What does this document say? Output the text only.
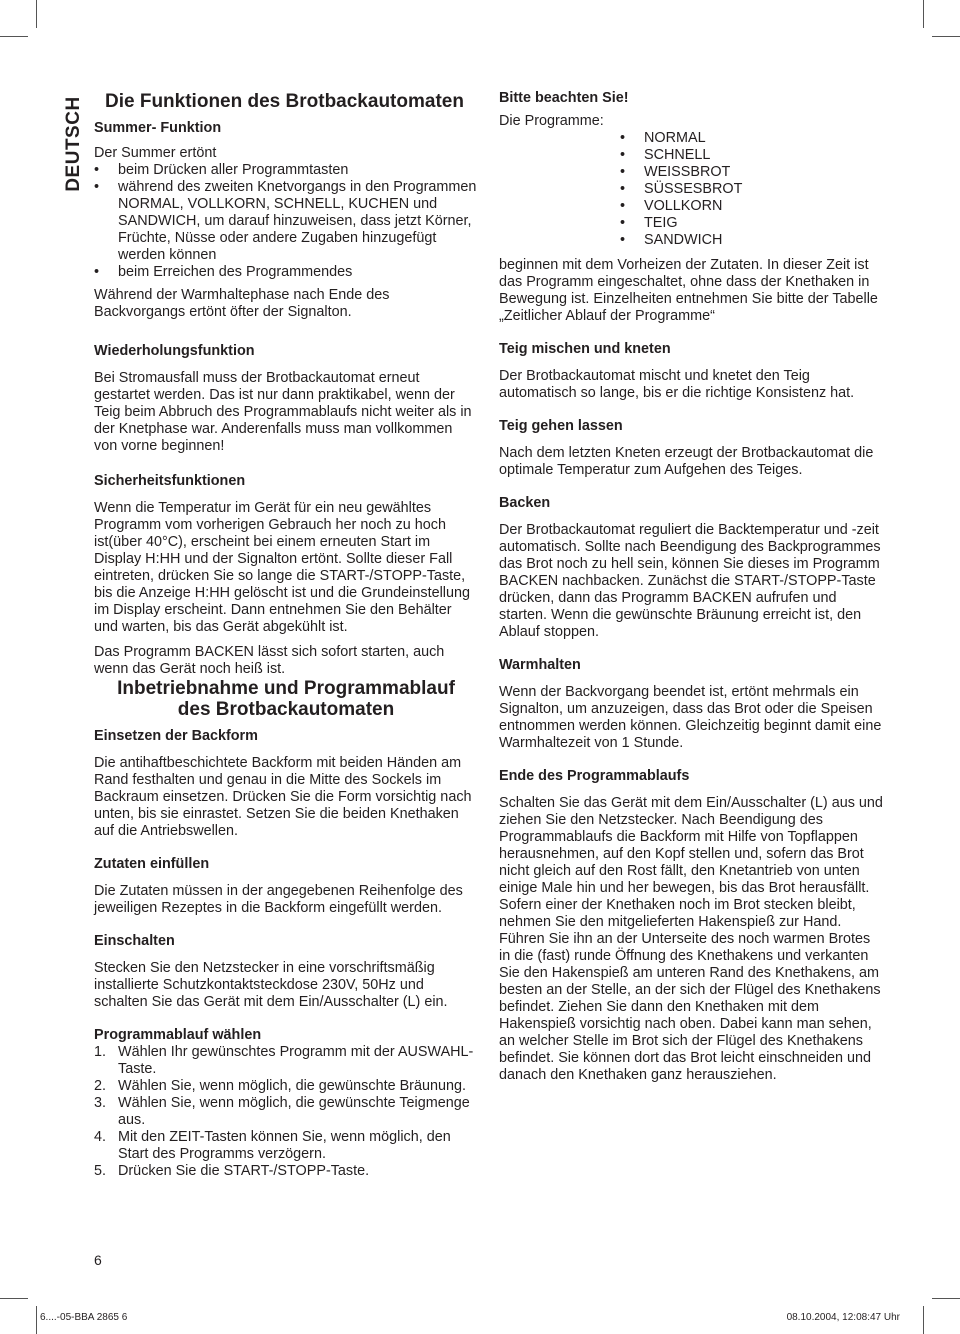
DEUTSCH Die Funktionen des Brotbackautomaten

Summer- Funktion

Der Summer ertönt

• beim Drücken aller Programmtasten
• während des zweiten Knetvorgangs in den Programmen NORMAL, VOLLKORN, SCHNELL, KUCHEN und SANDWICH, um darauf hinzuweisen, dass jetzt Körner, Früchte, Nüsse oder andere Zugaben hinzugefügt werden können
• beim Erreichen des Programmendes

Während der Warmhaltephase nach Ende des Backvorgangs ertönt öfter der Signalton.

Wiederholungsfunktion

Bei Stromausfall muss der Brotbackautomat erneut gestartet werden. Das ist nur dann praktikabel, wenn der Teig beim Abbruch des Programmablaufs nicht weiter als in der Knetphase war. Anderenfalls muss man vollkommen von vorne beginnen!

Sicherheitsfunktionen

Wenn die Temperatur im Gerät für ein neu gewähltes Programm vom vorherigen Gebrauch her noch zu hoch ist(über 40°C), erscheint bei einem erneuten Start im Display H:HH und der Signalton ertönt. Sollte dieser Fall eintreten, drücken Sie so lange die START-/STOPP-Taste, bis die Anzeige H:HH gelöscht ist und die Grundeinstellung im Display erscheint. Dann entnehmen Sie den Behälter und warten, bis das Gerät abgekühlt ist.

Das Programm BACKEN lässt sich sofort starten, auch wenn das Gerät noch heiß ist.

Inbetriebnahme und Programmablauf
des Brotbackautomaten

Einsetzen der Backform

Die antihaftbeschichtete Backform mit beiden Händen am Rand festhalten und genau in die Mitte des Sockels im Backraum einsetzen. Drücken Sie die Form vorsichtig nach unten, bis sie einrastet. Setzen Sie die beiden Knethaken auf die Antriebswellen.

Zutaten einfüllen

Die Zutaten müssen in der angegebenen Reihenfolge des jeweiligen Rezeptes in die Backform eingefüllt werden.

Einschalten

Stecken Sie den Netzstecker in eine vorschriftsmäßig installierte Schutzkontaktsteckdose 230V, 50Hz und schalten Sie das Gerät mit dem Ein/Ausschalter (L) ein.

Programmablauf wählen

1. Wählen Ihr gewünschtes Programm mit der AUSWAHL-Taste.
2. Wählen Sie, wenn möglich, die gewünschte Bräunung.
3. Wählen Sie, wenn möglich, die gewünschte Teigmenge aus.
4. Mit den ZEIT-Tasten können Sie, wenn möglich, den Start des Programms verzögern.
5. Drücken Sie die START-/STOPP-Taste.

Bitte beachten Sie!

Die Programme:

• NORMAL
• SCHNELL
• WEISSBROT
• SÜSSESBROT
• VOLLKORN
• TEIG
• SANDWICH

beginnen mit dem Vorheizen der Zutaten. In dieser Zeit ist das Programm eingeschaltet, ohne dass der Knethaken in Bewegung ist. Einzelheiten entnehmen Sie bitte der Tabelle „Zeitlicher Ablauf der Programme“

Teig mischen und kneten

Der Brotbackautomat mischt und knetet den Teig automatisch so lange, bis er die richtige Konsistenz hat.

Teig gehen lassen

Nach dem letzten Kneten erzeugt der Brotbackautomat die optimale Temperatur zum Aufgehen des Teiges.

Backen

Der Brotbackautomat reguliert die Backtemperatur und -zeit automatisch. Sollte nach Beendigung des Backprogrammes das Brot noch zu hell sein, können Sie dieses im Programm BACKEN nachbacken. Zunächst die START-/STOPP-Taste drücken, dann das Programm BACKEN aufrufen und starten. Wenn die gewünschte Bräunung erreicht ist, den Ablauf stoppen.

Warmhalten

Wenn der Backvorgang beendet ist, ertönt mehrmals ein Signalton, um anzuzeigen, dass das Brot oder die Speisen entnommen werden können. Gleichzeitig beginnt damit eine Warmhaltezeit von 1 Stunde.

Ende des Programmablaufs

Schalten Sie das Gerät mit dem Ein/Ausschalter (L) aus und ziehen Sie den Netzstecker. Nach Beendigung des Programmablaufs die Backform mit Hilfe von Topflappen herausnehmen, auf den Kopf stellen und, sofern das Brot nicht gleich auf den Rost fällt, den Knetantrieb von unten einige Male hin und her bewegen, bis das Brot herausfällt. Sofern einer der Knethaken noch im Brot stecken bleibt, nehmen Sie den mitgelieferten Hakenspieß zur Hand. Führen Sie ihn an der Unterseite des noch warmen Brotes in die (fast) runde Öffnung des Knethakens und verkanten Sie den Hakenspieß am unteren Rand des Knethakens, am besten an der Stelle, an der sich der Flügel des Knethakens befindet. Ziehen Sie dann den Knethaken mit dem Hakenspieß vorsichtig nach oben. Dabei kann man sehen, an welcher Stelle im Brot sich der Flügel des Knethakens befindet. Sie können dort das Brot leicht einschneiden und danach den Knethaken ganz herausziehen.

6
6....-05-BBA 2865 6	08.10.2004, 12:08:47 Uhr
